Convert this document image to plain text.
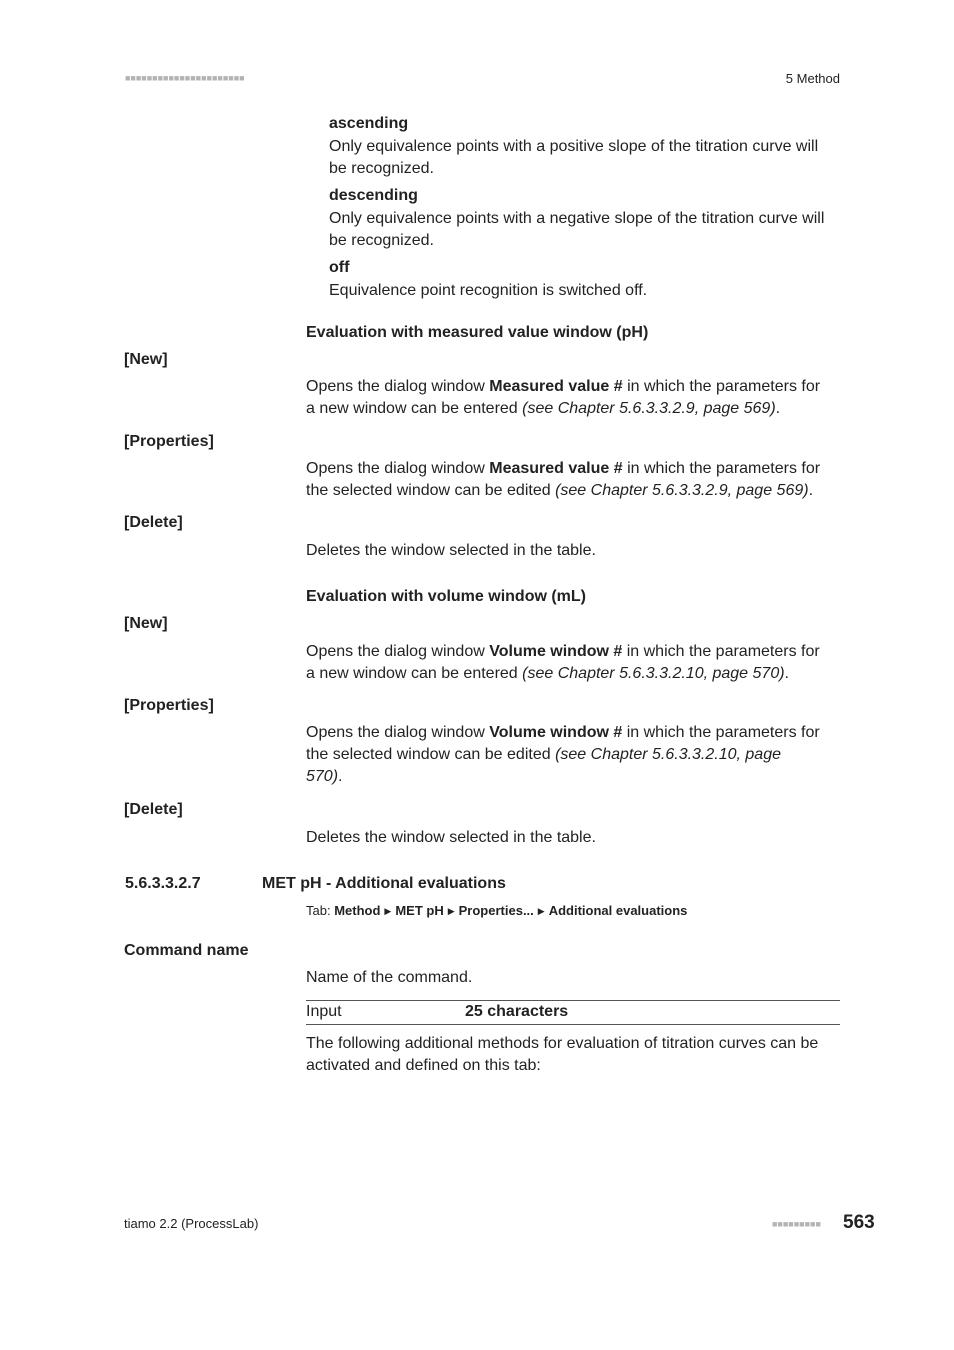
■■■■■■■■■■■■■■■■■■■■■■	5 Method
ascending
Only equivalence points with a positive slope of the titration curve will
be recognized.
descending
Only equivalence points with a negative slope of the titration curve will
be recognized.
off
Equivalence point recognition is switched off.
Evaluation with measured value window (pH)
[New]
Opens the dialog window Measured value # in which the parameters for
a new window can be entered (see Chapter 5.6.3.3.2.9, page 569).
[Properties]
Opens the dialog window Measured value # in which the parameters for
the selected window can be edited (see Chapter 5.6.3.3.2.9, page 569).
[Delete]
Deletes the window selected in the table.
Evaluation with volume window (mL)
[New]
Opens the dialog window Volume window # in which the parameters for
a new window can be entered (see Chapter 5.6.3.3.2.10, page 570).
[Properties]
Opens the dialog window Volume window # in which the parameters for
the selected window can be edited (see Chapter 5.6.3.3.2.10, page
570).
[Delete]
Deletes the window selected in the table.
5.6.3.3.2.7	MET pH - Additional evaluations
Tab: Method ▶ MET pH ▶ Properties... ▶ Additional evaluations
Command name
Name of the command.
Input	25 characters
The following additional methods for evaluation of titration curves can be
activated and defined on this tab:
tiamo 2.2 (ProcessLab)	■■■■■■■■■ 563
